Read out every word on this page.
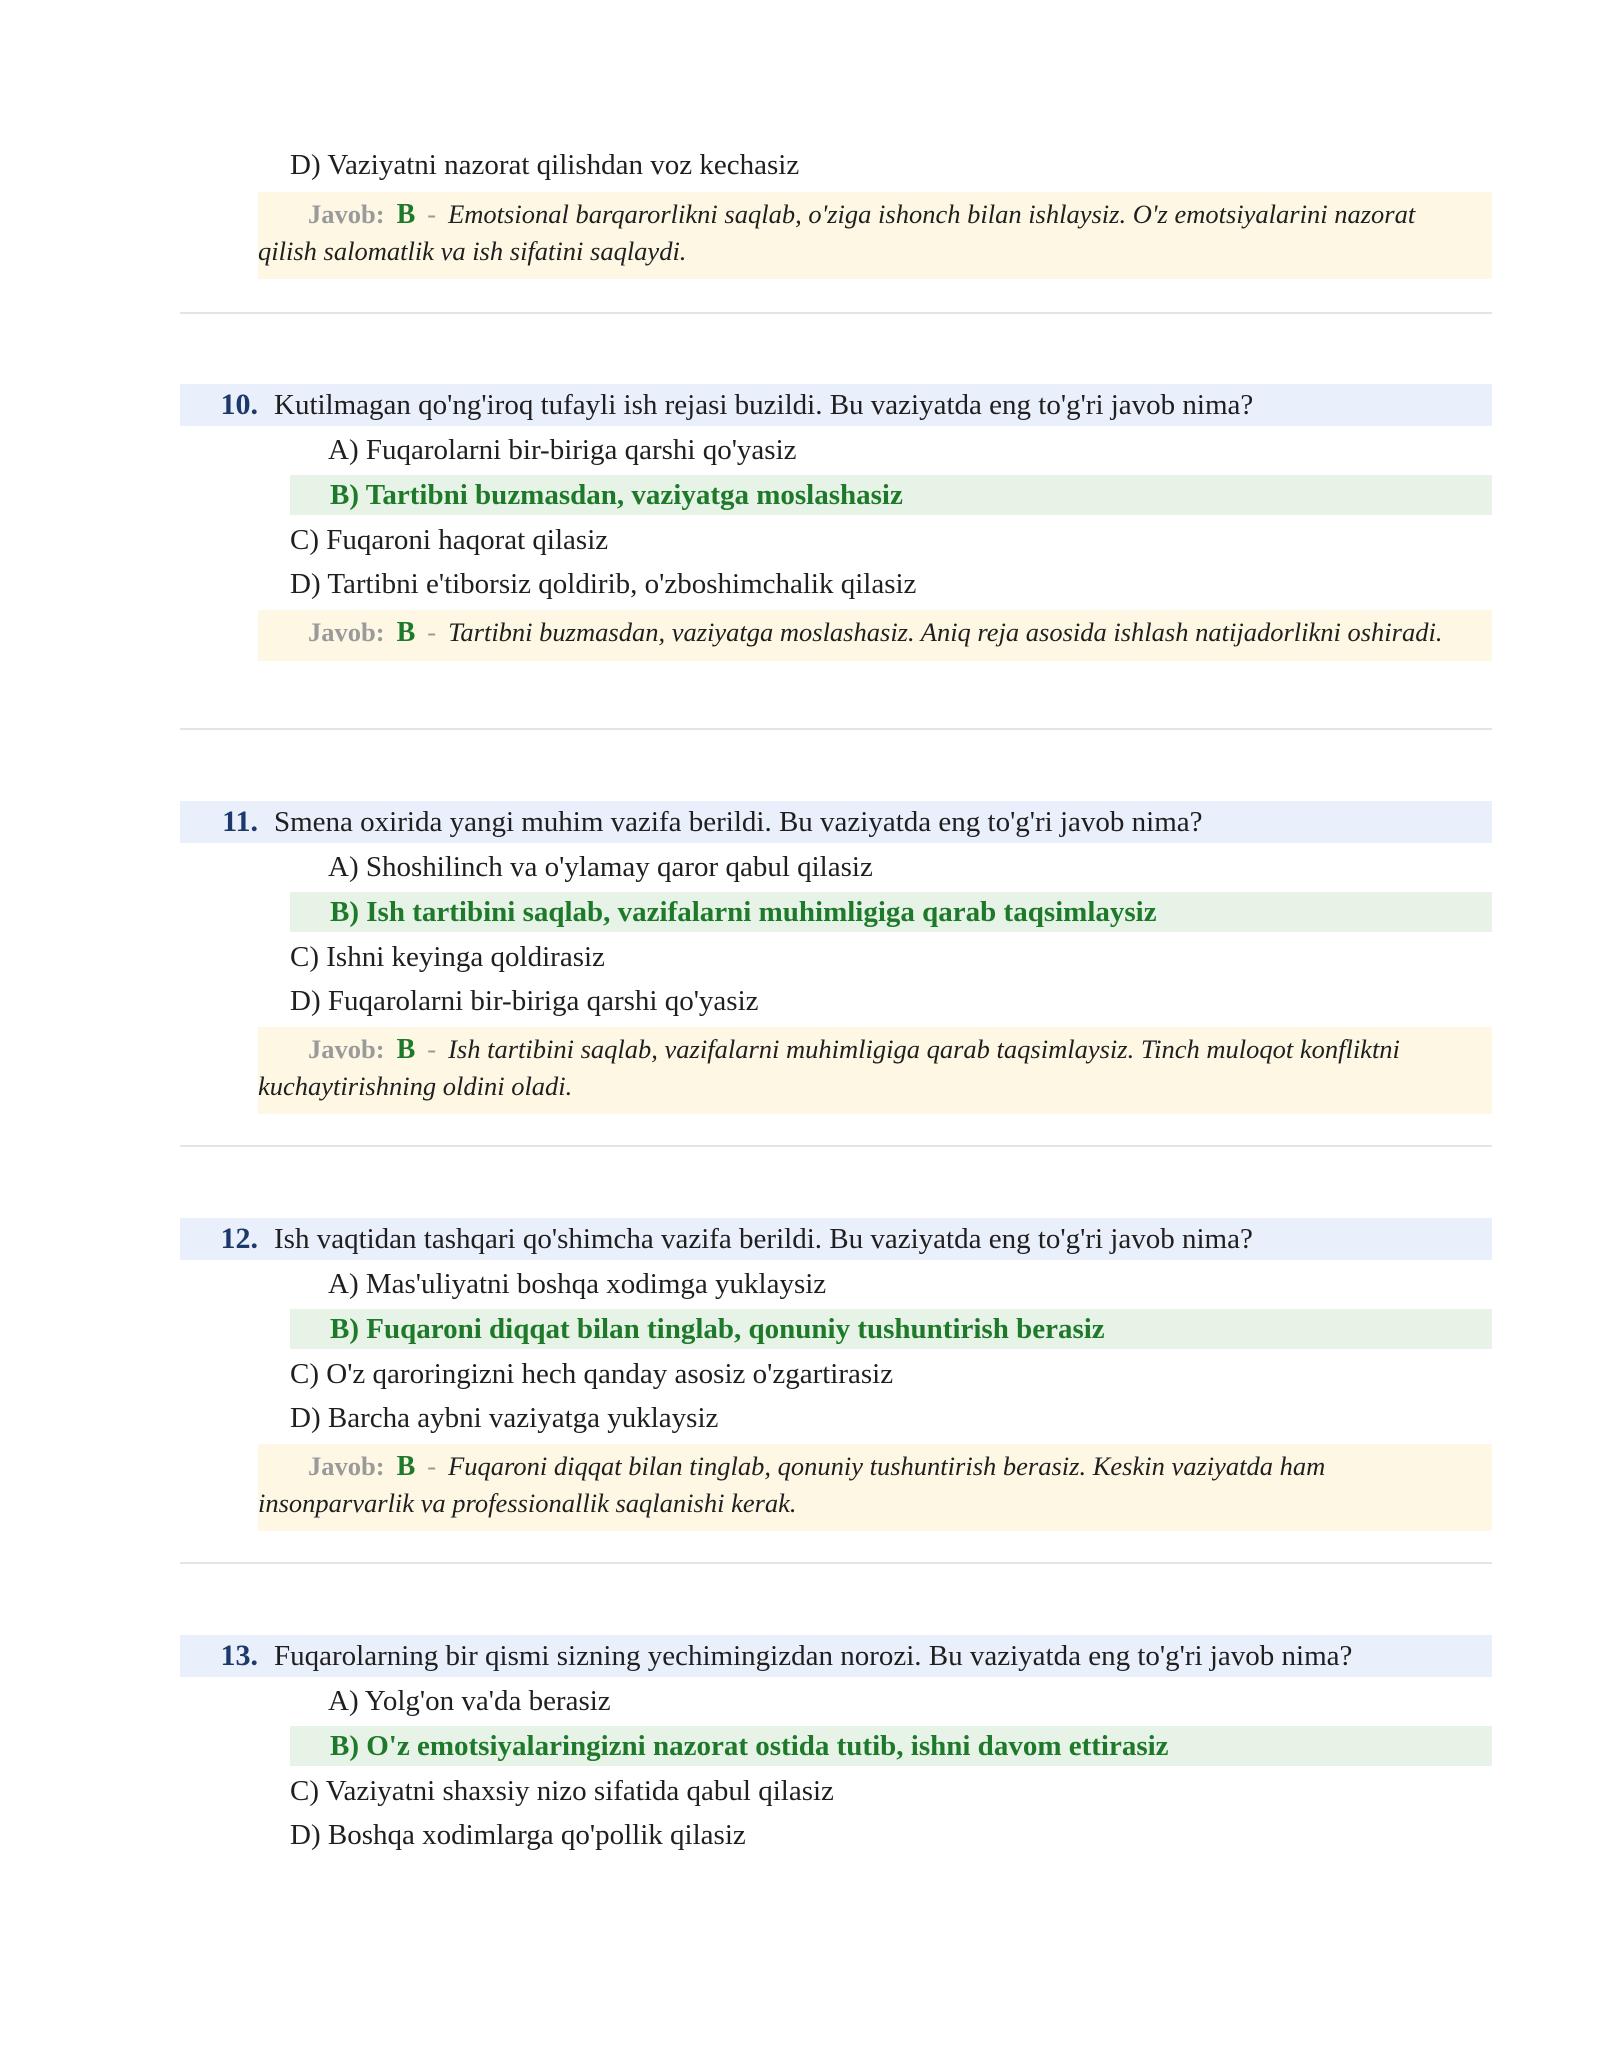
D) Vaziyatni nazorat qilishdan voz kechasiz
Javob: B - Emotsional barqarorlikni saqlab, o'ziga ishonch bilan ishlaysiz. O'z emotsiyalarini nazorat qilish salomatlik va ish sifatini saqlaydi.
10. Kutilmagan qo'ng'iroq tufayli ish rejasi buzildi. Bu vaziyatda eng to'g'ri javob nima?
A) Fuqarolarni bir-biriga qarshi qo'yasiz
B) Tartibni buzmasdan, vaziyatga moslashasiz
C) Fuqaroni haqorat qilasiz
D) Tartibni e'tiborsiz qoldirib, o'zboshimchalik qilasiz
Javob: B - Tartibni buzmasdan, vaziyatga moslashasiz. Aniq reja asosida ishlash natijadorlikni oshiradi.
11. Smena oxirida yangi muhim vazifa berildi. Bu vaziyatda eng to'g'ri javob nima?
A) Shoshilinch va o'ylamay qaror qabul qilasiz
B) Ish tartibini saqlab, vazifalarni muhimligiga qarab taqsimlaysiz
C) Ishni keyinga qoldirasiz
D) Fuqarolarni bir-biriga qarshi qo'yasiz
Javob: B - Ish tartibini saqlab, vazifalarni muhimligiga qarab taqsimlaysiz. Tinch muloqot konfliktni kuchaytirishning oldini oladi.
12. Ish vaqtidan tashqari qo'shimcha vazifa berildi. Bu vaziyatda eng to'g'ri javob nima?
A) Mas'uliyatni boshqa xodimga yuklaysiz
B) Fuqaroni diqqat bilan tinglab, qonuniy tushuntirish berasiz
C) O'z qaroringizni hech qanday asosiz o'zgartirasiz
D) Barcha aybni vaziyatga yuklaysiz
Javob: B - Fuqaroni diqqat bilan tinglab, qonuniy tushuntirish berasiz. Keskin vaziyatda ham insonparvarlik va professionallik saqlanishi kerak.
13. Fuqarolarning bir qismi sizning yechimingizdan norozi. Bu vaziyatda eng to'g'ri javob nima?
A) Yolg'on va'da berasiz
B) O'z emotsiyalaringizni nazorat ostida tutib, ishni davom ettirasiz
C) Vaziyatni shaxsiy nizo sifatida qabul qilasiz
D) Boshqa xodimlarga qo'pollik qilasiz
